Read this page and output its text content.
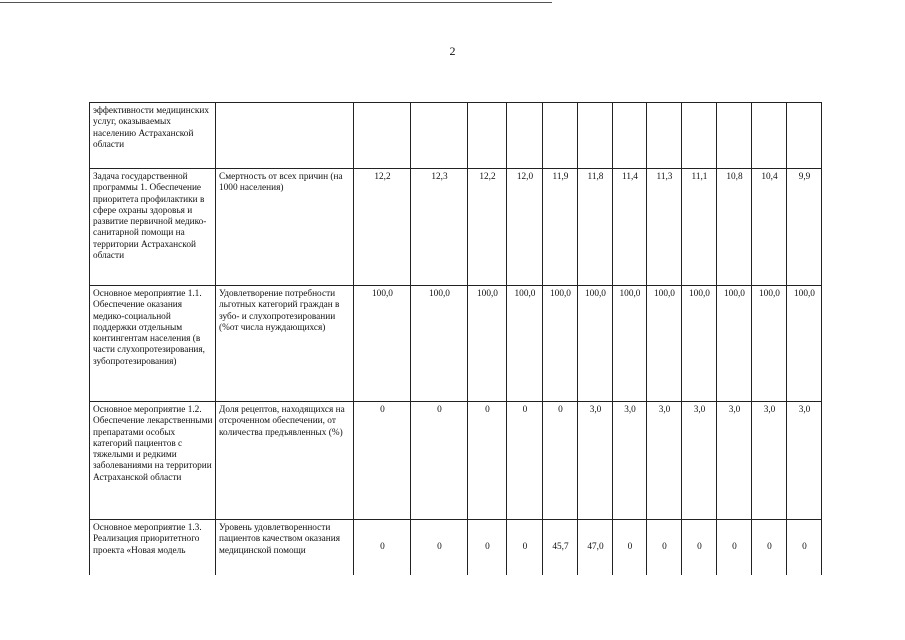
2
эффективности медицинских услуг, оказываемых населению Астраханской области													
Задача государственной программы 1. Обеспечение приоритета профилактики в сфере охраны здоровья и развитие первичной медико-санитарной помощи на территории Астраханской области	Смертность от всех причин (на 1000 населения)	12,2	12,3	12,2	12,0	11,9	11,8	11,4	11,3	11,1	10,8	10,4	9,9
Основное мероприятие 1.1. Обеспечение оказания медико-социальной поддержки отдельным контингентам населения (в части слухопротезирования, зубопротезирования)	Удовлетворение потребности льготных категорий граждан в зубо- и слухопротезировании (%от числа нуждающихся)	100,0	100,0	100,0	100,0	100,0	100,0	100,0	100,0	100,0	100,0	100,0	100,0
Основное мероприятие 1.2. Обеспечение лекарственными препаратами особых категорий пациентов с тяжелыми и редкими заболеваниями на территории Астраханской области	Доля рецептов, находящихся на отсроченном обеспечении, от количества предъявленных (%)	0	0	0	0	0	3,0	3,0	3,0	3,0	3,0	3,0	3,0
Основное мероприятие 1.3. Реализация приоритетного проекта «Новая модель	Уровень удовлетворенности пациентов качеством оказания медицинской помощи	0	0	0	0	45,7	47,0	0	0	0	0	0	0
